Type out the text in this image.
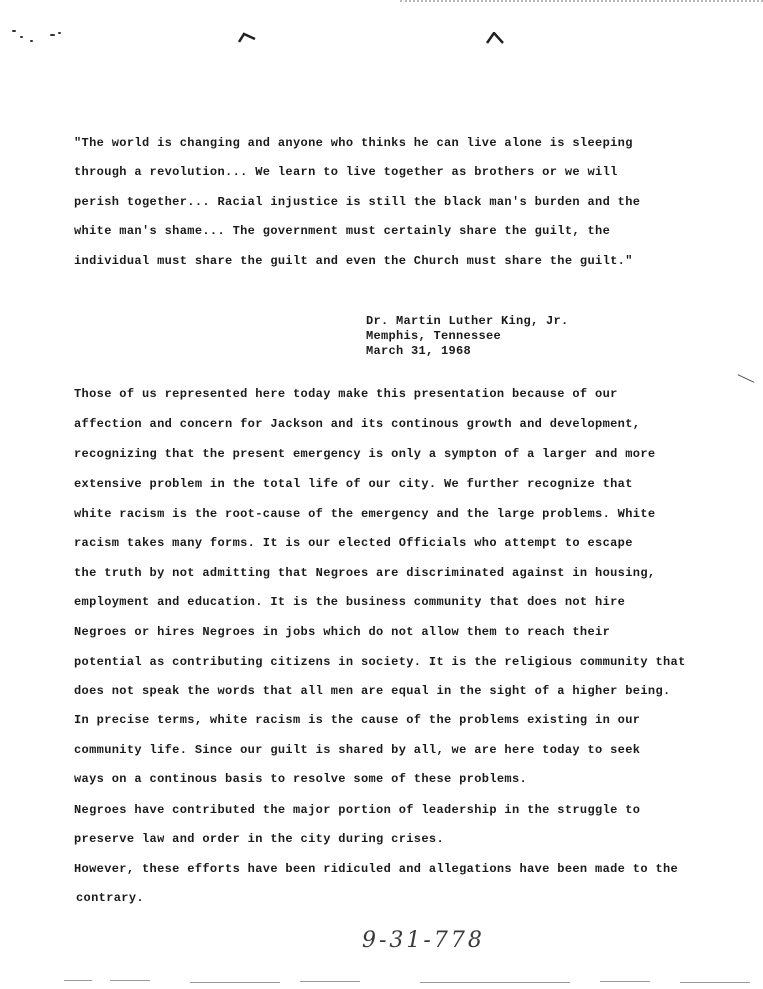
"The world is changing and anyone who thinks he can live alone is sleeping
through a revolution... We learn to live together as brothers or we will
perish together... Racial injustice is still the black man's burden and the
white man's shame... The government must certainly share the guilt, the
individual must share the guilt and even the Church must share the guilt."
Dr. Martin Luther King, Jr.
Memphis, Tennessee
March 31, 1968
Those of us represented here today make this presentation because of our
affection and concern for Jackson and its continous growth and development,
recognizing that the present emergency is only a sympton of a larger and more
extensive problem in the total life of our city. We further recognize that
white racism is the root-cause of the emergency and the large problems. White
racism takes many forms. It is our elected Officials who attempt to escape
the truth by not admitting that Negroes are discriminated against in housing,
employment and education. It is the business community that does not hire
Negroes or hires Negroes in jobs which do not allow them to reach their
potential as contributing citizens in society. It is the religious community that
does not speak the words that all men are equal in the sight of a higher being.
In precise terms, white racism is the cause of the problems existing in our
community life. Since our guilt is shared by all, we are here today to seek
ways on a continous basis to resolve some of these problems.
Negroes have contributed the major portion of leadership in the struggle to
preserve law and order in the city during crises.
However, these efforts have been ridiculed and allegations have been made to the
contrary.
9-31-778
